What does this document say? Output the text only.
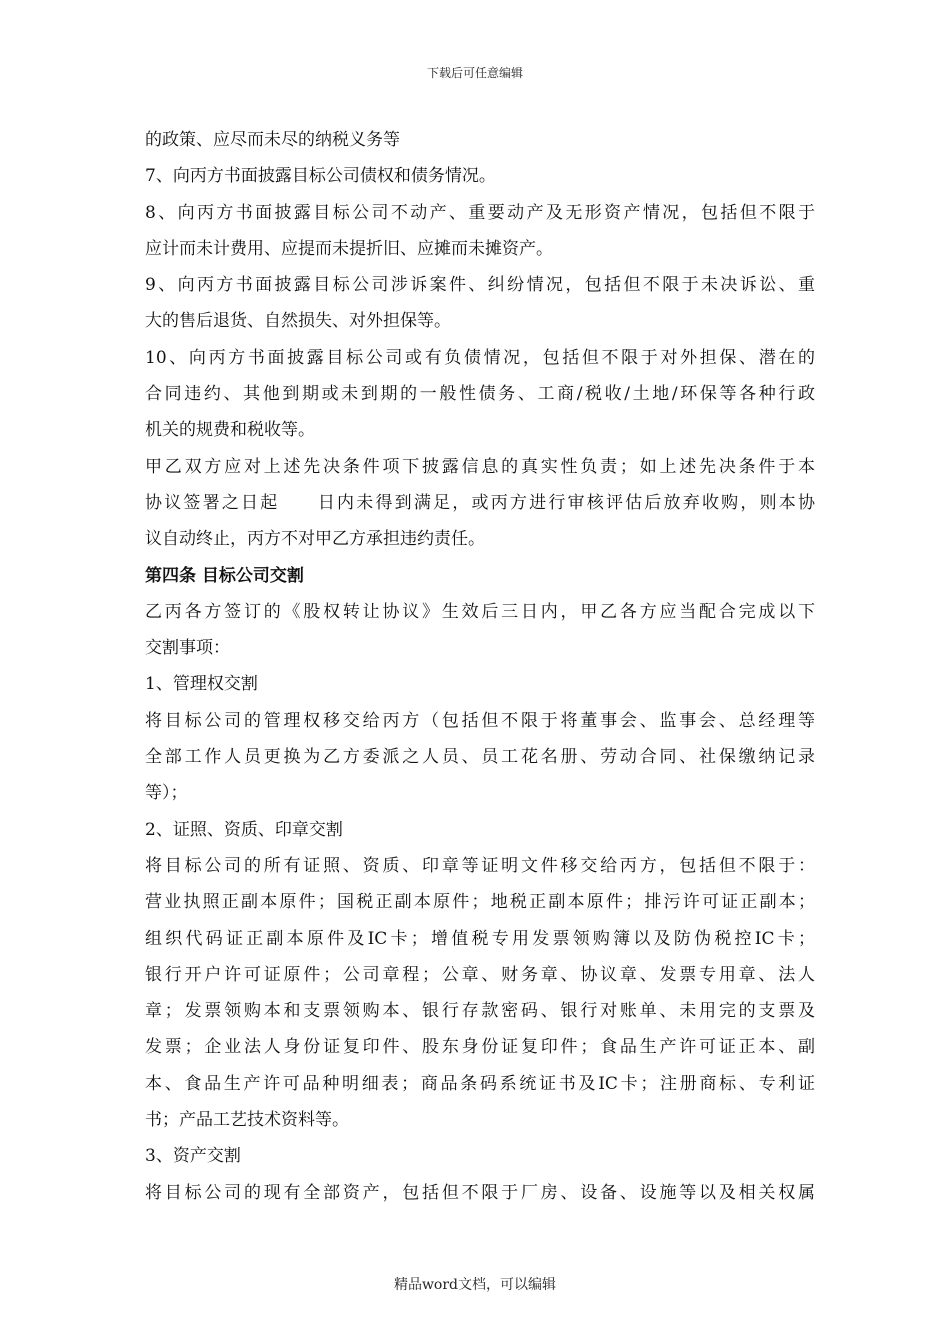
下载后可任意编辑
的政策、应尽而未尽的纳税义务等
7、向丙方书面披露目标公司债权和债务情况。
8、向丙方书面披露目标公司不动产、重要动产及无形资产情况，包括但不限于
应计而未计费用、应提而未提折旧、应摊而未摊资产。
9、向丙方书面披露目标公司涉诉案件、纠纷情况，包括但不限于未决诉讼、重
大的售后退货、自然损失、对外担保等。
10、向丙方书面披露目标公司或有负债情况，包括但不限于对外担保、潜在的
合同违约、其他到期或未到期的一般性债务、工商/税收/土地/环保等各种行政
机关的规费和税收等。
甲乙双方应对上述先决条件项下披露信息的真实性负责；如上述先决条件于本
协议签署之日起　　日内未得到满足，或丙方进行审核评估后放弃收购，则本协
议自动终止，丙方不对甲乙方承担违约责任。
第四条 目标公司交割
乙丙各方签订的《股权转让协议》生效后三日内，甲乙各方应当配合完成以下
交割事项：
1、管理权交割
将目标公司的管理权移交给丙方（包括但不限于将董事会、监事会、总经理等
全部工作人员更换为乙方委派之人员、员工花名册、劳动合同、社保缴纳记录
等）；
2、证照、资质、印章交割
将目标公司的所有证照、资质、印章等证明文件移交给丙方，包括但不限于：
营业执照正副本原件；国税正副本原件；地税正副本原件；排污许可证正副本；
组织代码证正副本原件及IC卡；增值税专用发票领购簿以及防伪税控IC卡；
银行开户许可证原件；公司章程；公章、财务章、协议章、发票专用章、法人
章；发票领购本和支票领购本、银行存款密码、银行对账单、未用完的支票及
发票；企业法人身份证复印件、股东身份证复印件；食品生产许可证正本、副
本、食品生产许可品种明细表；商品条码系统证书及IC卡；注册商标、专利证
书；产品工艺技术资料等。
3、资产交割
将目标公司的现有全部资产，包括但不限于厂房、设备、设施等以及相关权属
精品word文档，可以编辑
